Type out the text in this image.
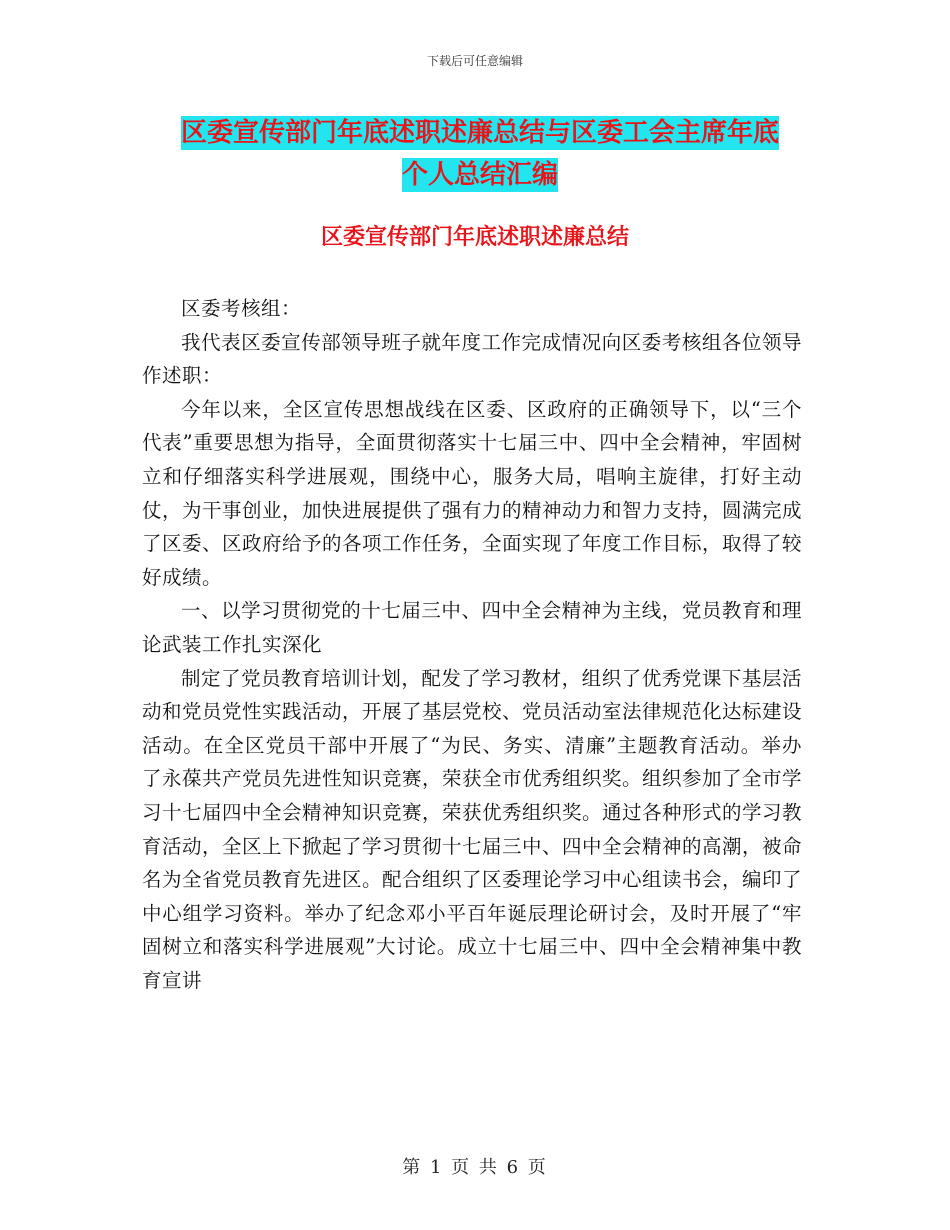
下载后可任意编辑
区委宣传部门年底述职述廉总结与区委工会主席年底
个人总结汇编
区委宣传部门年底述职述廉总结

区委考核组：

我代表区委宣传部领导班子就年度工作完成情况向区委考核组各位领导作述职：

今年以来，全区宣传思想战线在区委、区政府的正确领导下，以“三个代表”重要思想为指导，全面贯彻落实十七届三中、四中全会精神，牢固树立和仔细落实科学进展观，围绕中心，服务大局，唱响主旋律，打好主动仗，为干事创业，加快进展提供了强有力的精神动力和智力支持，圆满完成了区委、区政府给予的各项工作任务，全面实现了年度工作目标，取得了较好成绩。

一、以学习贯彻党的十七届三中、四中全会精神为主线，党员教育和理论武装工作扎实深化

制定了党员教育培训计划，配发了学习教材，组织了优秀党课下基层活动和党员党性实践活动，开展了基层党校、党员活动室法律规范化达标建设活动。在全区党员干部中开展了“为民、务实、清廉”主题教育活动。举办了永葆共产党员先进性知识竞赛，荣获全市优秀组织奖。组织参加了全市学习十七届四中全会精神知识竞赛，荣获优秀组织奖。通过各种形式的学习教育活动，全区上下掀起了学习贯彻十七届三中、四中全会精神的高潮，被命名为全省党员教育先进区。配合组织了区委理论学习中心组读书会，编印了中心组学习资料。举办了纪念邓小平百年诞辰理论研讨会，及时开展了“牢固树立和落实科学进展观”大讨论。成立十七届三中、四中全会精神集中教育宣讲

第 1 页 共 6 页
